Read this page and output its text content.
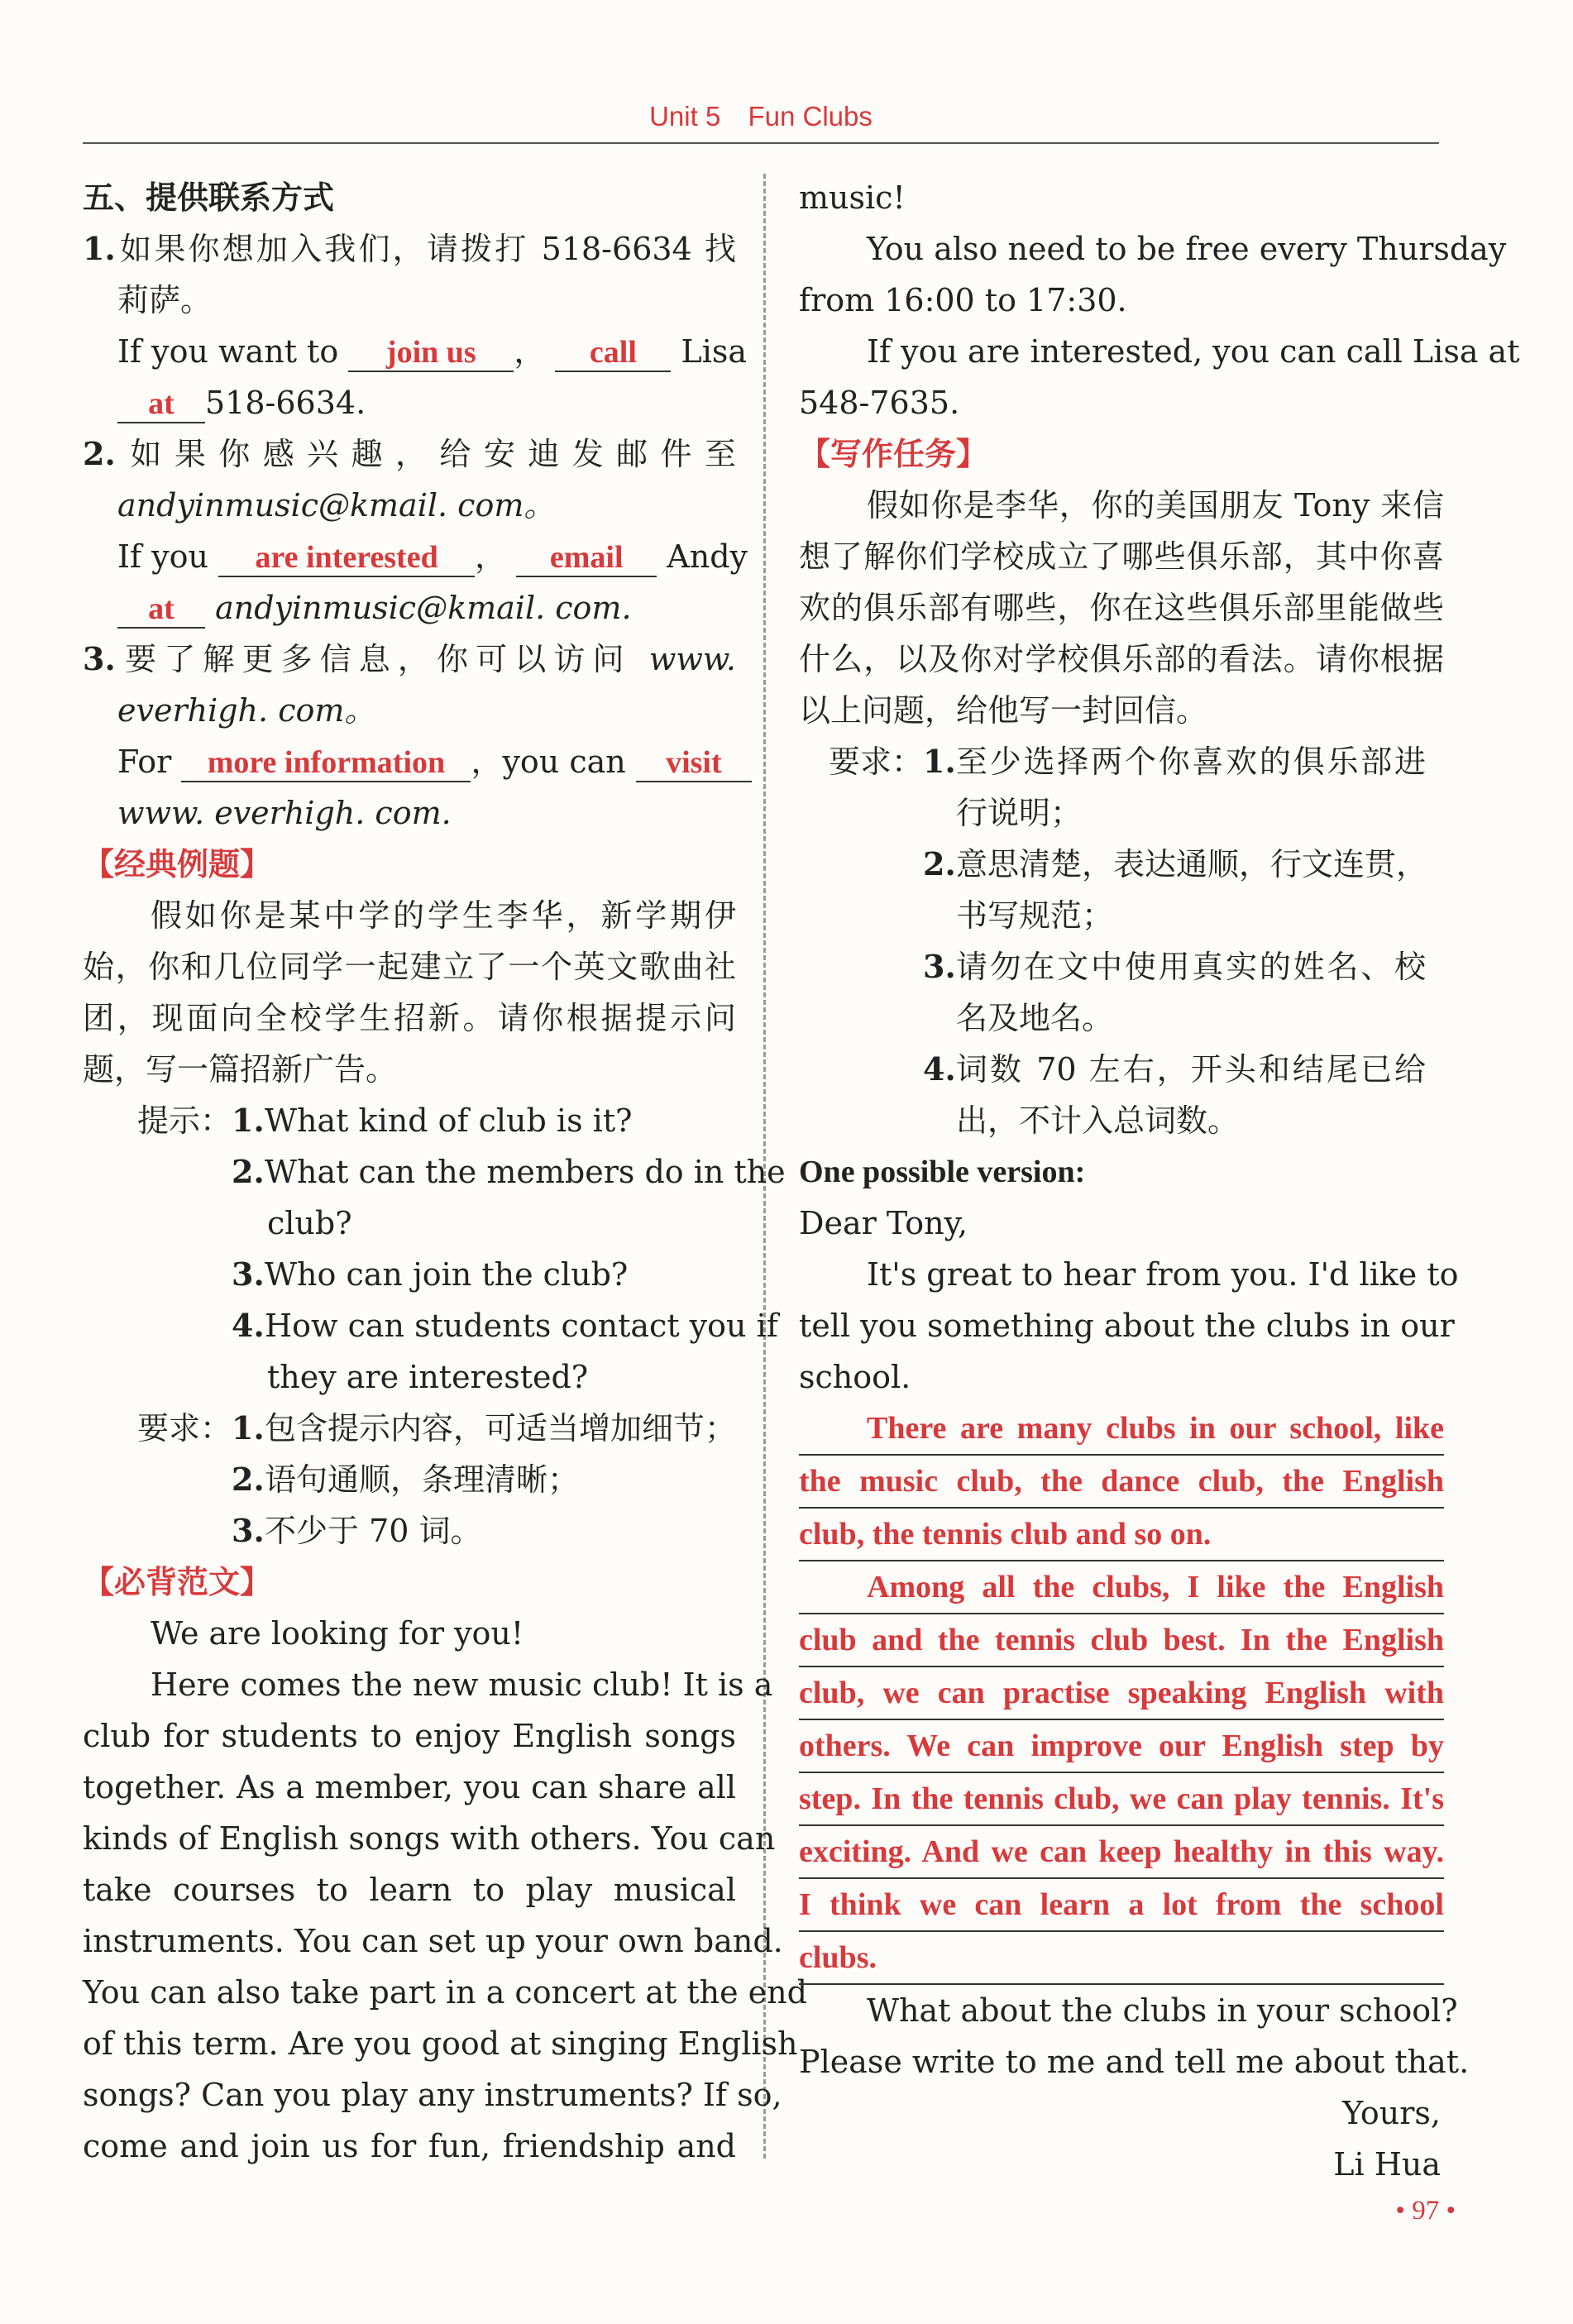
Unit 5 Fun Clubs
五、提供联系方式
1.如果你想加入我们，请拨打 518-6634 找
莉萨。
If you want to join us ， call Lisa
at 518-6634.
2.如果你感兴趣，给安迪发邮件至
andyinmusic@kmail. com。
If you are interested ， email Andy
at andyinmusic@kmail. com.
3.要了解更多信息，你可以访问 www.
everhigh. com。
For more information ，you can visit
www. everhigh. com.
【经典例题】
假如你是某中学的学生李华，新学期伊
始，你和几位同学一起建立了一个英文歌曲社
团，现面向全校学生招新。请你根据提示问
题，写一篇招新广告。
提示：1.What kind of club is it?
2.What can the members do in the
club?
3.Who can join the club?
4.How can students contact you if
they are interested?
要求：1.包含提示内容，可适当增加细节；
2.语句通顺，条理清晰；
3.不少于 70 词。
【必背范文】
We are looking for you!
Here comes the new music club! It is a
club for students to enjoy English songs
together. As a member, you can share all
kinds of English songs with others. You can
take courses to learn to play musical
instruments. You can set up your own band.
You can also take part in a concert at the end
of this term. Are you good at singing English
songs? Can you play any instruments? If so,
come and join us for fun, friendship and
music!
You also need to be free every Thursday
from 16:00 to 17:30.
If you are interested, you can call Lisa at
548-7635.
【写作任务】
假如你是李华，你的美国朋友 Tony 来信
想了解你们学校成立了哪些俱乐部，其中你喜
欢的俱乐部有哪些，你在这些俱乐部里能做些
什么，以及你对学校俱乐部的看法。请你根据
以上问题，给他写一封回信。
要求：1.至少选择两个你喜欢的俱乐部进
行说明；
2.意思清楚，表达通顺，行文连贯，
书写规范；
3.请勿在文中使用真实的姓名、校
名及地名。
4.词数 70 左右，开头和结尾已给
出，不计入总词数。
One possible version:
Dear Tony,
It's great to hear from you. I'd like to
tell you something about the clubs in our
school.
There are many clubs in our school, like
the music club, the dance club, the English
club, the tennis club and so on.
Among all the clubs, I like the English
club and the tennis club best. In the English
club, we can practise speaking English with
others. We can improve our English step by
step. In the tennis club, we can play tennis. It's
exciting. And we can keep healthy in this way.
I think we can learn a lot from the school
clubs.
What about the clubs in your school?
Please write to me and tell me about that.
Yours,
Li Hua
• 97 •
